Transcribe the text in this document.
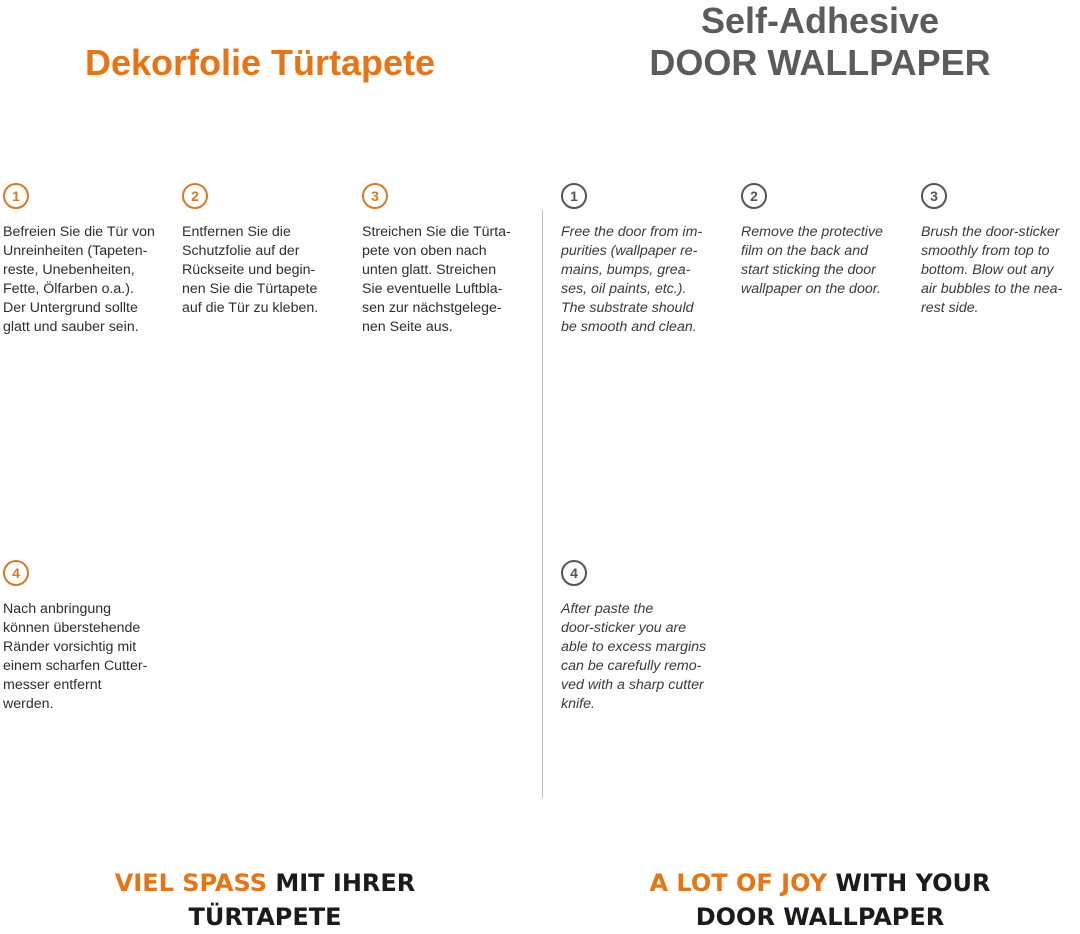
Dekorfolie Türtapete
Self-Adhesive
DOOR WALLPAPER
1
Befreien Sie die Tür von
Unreinheiten (Tapeten-
reste, Unebenheiten,
Fette, Ölfarben o.a.).
Der Untergrund sollte
glatt und sauber sein.
2
Entfernen Sie die
Schutzfolie auf der
Rückseite und begin-
nen Sie die Türtapete
auf die Tür zu kleben.
3
Streichen Sie die Türta-
pete von oben nach
unten glatt. Streichen
Sie eventuelle Luftbla-
sen zur nächstgelege-
nen Seite aus.
4
Nach anbringung
können überstehende
Ränder vorsichtig mit
einem scharfen Cutter-
messer entfernt
werden.
1
Free the door from im-
purities (wallpaper re-
mains, bumps, grea-
ses, oil paints, etc.).
The substrate should
be smooth and clean.
2
Remove the protective
film on the back and
start sticking the door
wallpaper on the door.
3
Brush the door-sticker
smoothly from top to
bottom. Blow out any
air bubbles to the nea-
rest side.
4
After paste the
door-sticker you are
able to excess margins
can be carefully remo-
ved with a sharp cutter
knife.
VIEL SPASS MIT IHRER
TÜRTAPETE
A LOT OF JOY WITH YOUR
DOOR WALLPAPER
